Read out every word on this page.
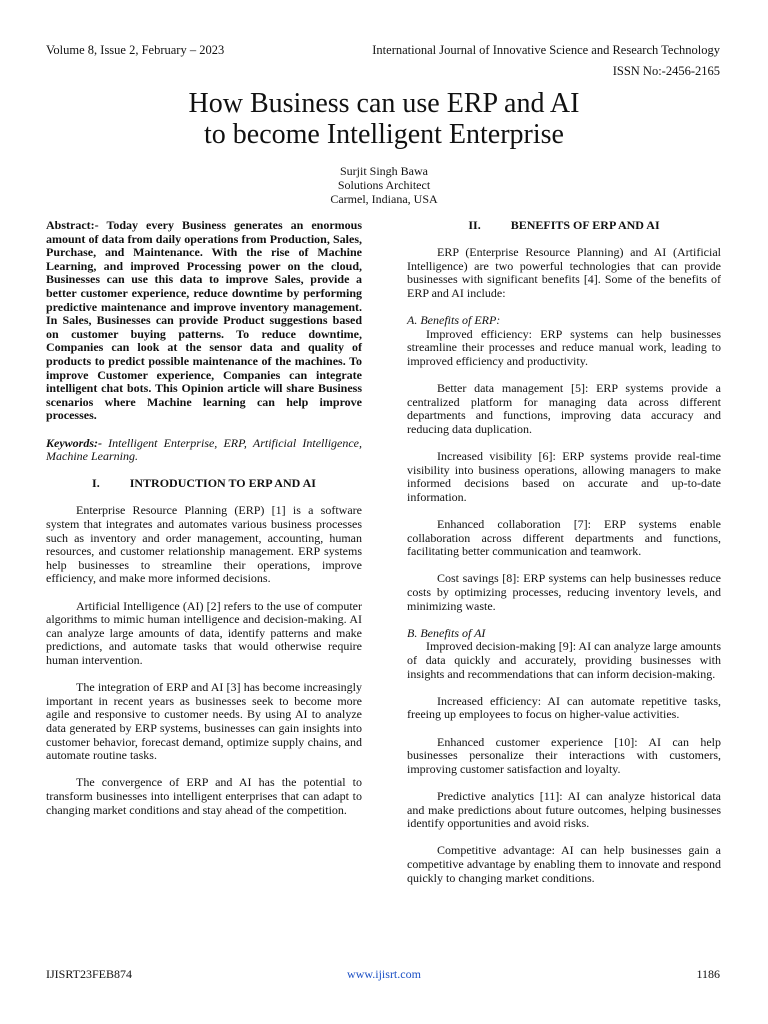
Volume 8, Issue 2, February – 2023	International Journal of Innovative Science and Research Technology
ISSN No:-2456-2165
How Business can use ERP and AI
to become Intelligent Enterprise
Surjit Singh Bawa
Solutions Architect
Carmel, Indiana, USA

Abstract:- Today every Business generates an enormous amount of data from daily operations from Production, Sales, Purchase, and Maintenance. With the rise of Machine Learning, and improved Processing power on the cloud, Businesses can use this data to improve Sales, provide a better customer experience, reduce downtime by performing predictive maintenance and improve inventory management. In Sales, Businesses can provide Product suggestions based on customer buying patterns. To reduce downtime, Companies can look at the sensor data and quality of products to predict possible maintenance of the machines. To improve Customer experience, Companies can integrate intelligent chat bots. This Opinion article will share Business scenarios where Machine learning can help improve processes.

Keywords:- Intelligent Enterprise, ERP, Artificial Intelligence, Machine Learning.

I.          INTRODUCTION TO ERP AND AI

Enterprise Resource Planning (ERP) [1] is a software system that integrates and automates various business processes such as inventory and order management, accounting, human resources, and customer relationship management. ERP systems help businesses to streamline their operations, improve efficiency, and make more informed decisions.

Artificial Intelligence (AI) [2] refers to the use of computer algorithms to mimic human intelligence and decision-making. AI can analyze large amounts of data, identify patterns and make predictions, and automate tasks that would otherwise require human intervention.

The integration of ERP and AI [3] has become increasingly important in recent years as businesses seek to become more agile and responsive to customer needs. By using AI to analyze data generated by ERP systems, businesses can gain insights into customer behavior, forecast demand, optimize supply chains, and automate routine tasks.

The convergence of ERP and AI has the potential to transform businesses into intelligent enterprises that can adapt to changing market conditions and stay ahead of the competition.

II.          BENEFITS OF ERP AND AI

ERP (Enterprise Resource Planning) and AI (Artificial Intelligence) are two powerful technologies that can provide businesses with significant benefits [4]. Some of the benefits of ERP and AI include:

A. Benefits of ERP:

Improved efficiency: ERP systems can help businesses streamline their processes and reduce manual work, leading to improved efficiency and productivity.

Better data management [5]: ERP systems provide a centralized platform for managing data across different departments and functions, improving data accuracy and reducing data duplication.

Increased visibility [6]: ERP systems provide real-time visibility into business operations, allowing managers to make informed decisions based on accurate and up-to-date information.

Enhanced collaboration [7]: ERP systems enable collaboration across different departments and functions, facilitating better communication and teamwork.

Cost savings [8]: ERP systems can help businesses reduce costs by optimizing processes, reducing inventory levels, and minimizing waste.

B. Benefits of AI

Improved decision-making [9]: AI can analyze large amounts of data quickly and accurately, providing businesses with insights and recommendations that can inform decision-making.

Increased efficiency: AI can automate repetitive tasks, freeing up employees to focus on higher-value activities.

Enhanced customer experience [10]: AI can help businesses personalize their interactions with customers, improving customer satisfaction and loyalty.

Predictive analytics [11]: AI can analyze historical data and make predictions about future outcomes, helping businesses identify opportunities and avoid risks.

Competitive advantage: AI can help businesses gain a competitive advantage by enabling them to innovate and respond quickly to changing market conditions.

IJISRT23FEB874	www.ijisrt.com	1186
